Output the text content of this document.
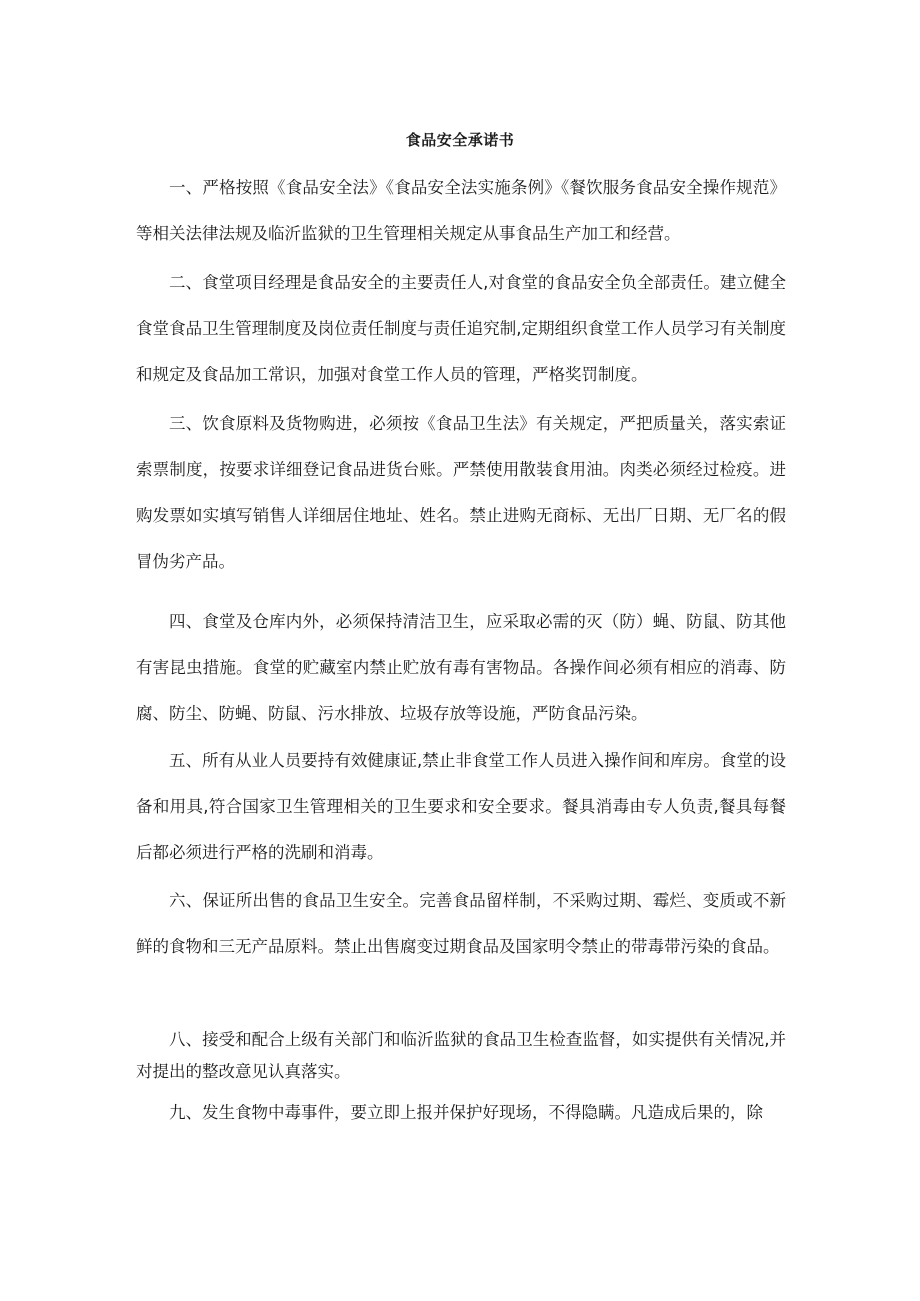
食品安全承诺书

一、严格按照《食品安全法》《食品安全法实施条例》《餐饮服务食品安全操作规范》等相关法律法规及临沂监狱的卫生管理相关规定从事食品生产加工和经营。

二、食堂项目经理是食品安全的主要责任人,对食堂的食品安全负全部责任。建立健全食堂食品卫生管理制度及岗位责任制度与责任追究制,定期组织食堂工作人员学习有关制度和规定及食品加工常识，加强对食堂工作人员的管理，严格奖罚制度。

三、饮食原料及货物购进，必须按《食品卫生法》有关规定，严把质量关，落实索证索票制度，按要求详细登记食品进货台账。严禁使用散装食用油。肉类必须经过检疫。进购发票如实填写销售人详细居住地址、姓名。禁止进购无商标、无出厂日期、无厂名的假冒伪劣产品。

四、食堂及仓库内外，必须保持清洁卫生，应采取必需的灭（防）蝇、防鼠、防其他有害昆虫措施。食堂的贮藏室内禁止贮放有毒有害物品。各操作间必须有相应的消毒、防腐、防尘、防蝇、防鼠、污水排放、垃圾存放等设施，严防食品污染。

五、所有从业人员要持有效健康证,禁止非食堂工作人员进入操作间和库房。食堂的设备和用具,符合国家卫生管理相关的卫生要求和安全要求。餐具消毒由专人负责,餐具每餐后都必须进行严格的洗刷和消毒。

六、保证所出售的食品卫生安全。完善食品留样制，不采购过期、霉烂、变质或不新鲜的食物和三无产品原料。禁止出售腐变过期食品及国家明令禁止的带毒带污染的食品。

八、接受和配合上级有关部门和临沂监狱的食品卫生检查监督，如实提供有关情况,并对提出的整改意见认真落实。

九、发生食物中毒事件，要立即上报并保护好现场，不得隐瞒。凡造成后果的，除
